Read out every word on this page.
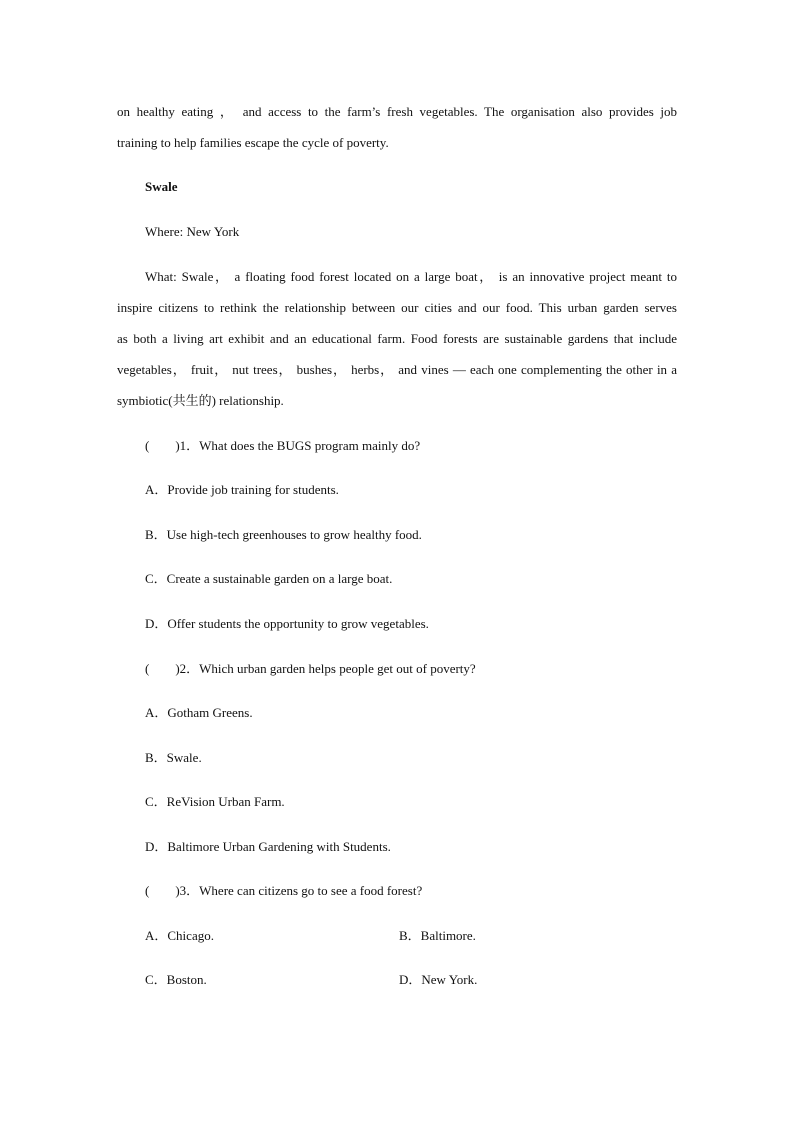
on healthy eating ， and access to the farm’s fresh vegetables. The organisation also provides job
training to help families escape the cycle of poverty.
Swale
Where: New York
What: Swale， a floating food forest located on a large boat， is an innovative project meant to
inspire citizens to rethink the relationship between our cities and our food. This urban garden serves
as both a living art exhibit and an educational farm. Food forests are sustainable gardens that include
vegetables， fruit， nut trees， bushes， herbs， and vines — each one complementing the other in a
symbiotic(共生的) relationship.
(　　)1．What does the BUGS program mainly do?
A．Provide job training for students.
B．Use high-tech greenhouses to grow healthy food.
C．Create a sustainable garden on a large boat.
D．Offer students the opportunity to grow vegetables.
(　　)2．Which urban garden helps people get out of poverty?
A．Gotham Greens.
B．Swale.
C．ReVision Urban Farm.
D．Baltimore Urban Gardening with Students.
(　　)3．Where can citizens go to see a food forest?
A．Chicago.	B．Baltimore.
C．Boston.	D．New York.
